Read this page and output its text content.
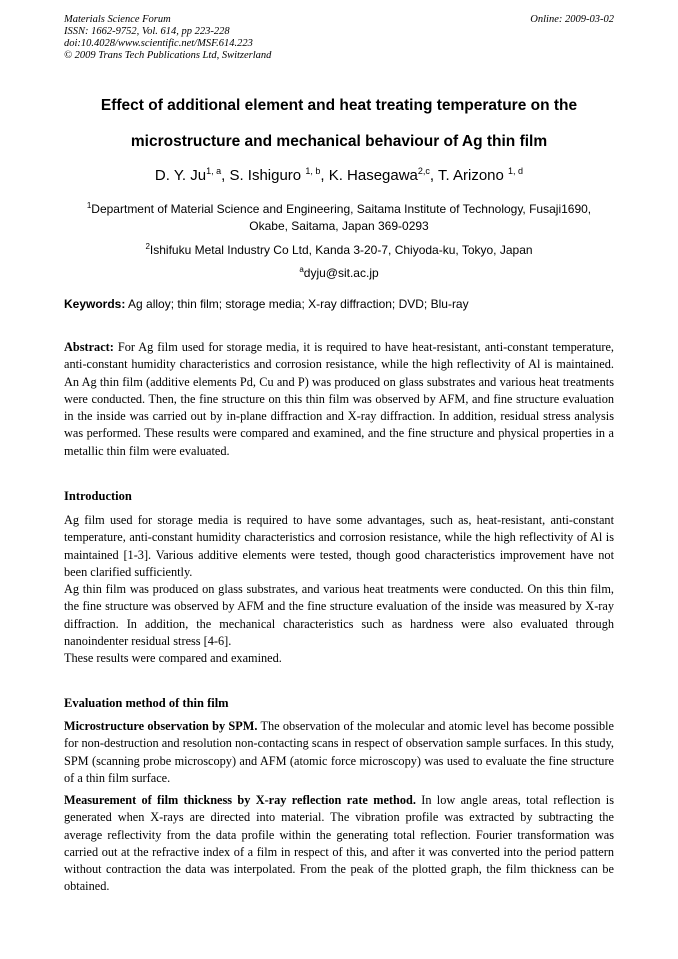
Materials Science Forum
ISSN: 1662-9752, Vol. 614, pp 223-228
doi:10.4028/www.scientific.net/MSF.614.223
© 2009 Trans Tech Publications Ltd, Switzerland
Online: 2009-03-02
Effect of additional element and heat treating temperature on the
microstructure and mechanical behaviour of Ag thin film
D. Y. Ju$^{1, a}$, S. Ishiguro $^{1, b}$, K. Hasegawa$^{2,c}$, T. Arizono $^{1, d}$
$^1$Department of Material Science and Engineering, Saitama Institute of Technology, Fusaji1690,
Okabe, Saitama, Japan 369-0293
$^2$Ishifuku Metal Industry Co Ltd, Kanda 3-20-7, Chiyoda-ku, Tokyo, Japan
$^a$dyju@sit.ac.jp
Keywords: Ag alloy; thin film; storage media; X-ray diffraction; DVD; Blu-ray
Abstract: For Ag film used for storage media, it is required to have heat-resistant, anti-constant temperature, anti-constant humidity characteristics and corrosion resistance, while the high reflectivity of Al is maintained. An Ag thin film (additive elements Pd, Cu and P) was produced on glass substrates and various heat treatments were conducted. Then, the fine structure on this thin film was observed by AFM, and fine structure evaluation in the inside was carried out by in-plane diffraction and X-ray diffraction. In addition, residual stress analysis was performed. These results were compared and examined, and the fine structure and physical properties in a metallic thin film were evaluated.
Introduction
Ag film used for storage media is required to have some advantages, such as, heat-resistant, anti-constant temperature, anti-constant humidity characteristics and corrosion resistance, while the high reflectivity of Al is maintained [1-3]. Various additive elements were tested, though good characteristics improvement have not been clarified sufficiently.
Ag thin film was produced on glass substrates, and various heat treatments were conducted. On this thin film, the fine structure was observed by AFM and the fine structure evaluation of the inside was measured by X-ray diffraction. In addition, the mechanical characteristics such as hardness were also evaluated through nanoindenter residual stress [4-6].
These results were compared and examined.
Evaluation method of thin film
Microstructure observation by SPM. The observation of the molecular and atomic level has become possible for non-destruction and resolution non-contacting scans in respect of observation sample surfaces. In this study, SPM (scanning probe microscopy) and AFM (atomic force microscopy) was used to evaluate the fine structure of a thin film surface.
Measurement of film thickness by X-ray reflection rate method. In low angle areas, total reflection is generated when X-rays are directed into material. The vibration profile was extracted by subtracting the average reflectivity from the data profile within the generating total reflection. Fourier transformation was carried out at the refractive index of a film in respect of this, and after it was converted into the period pattern without contraction the data was interpolated. From the peak of the plotted graph, the film thickness can be obtained.
